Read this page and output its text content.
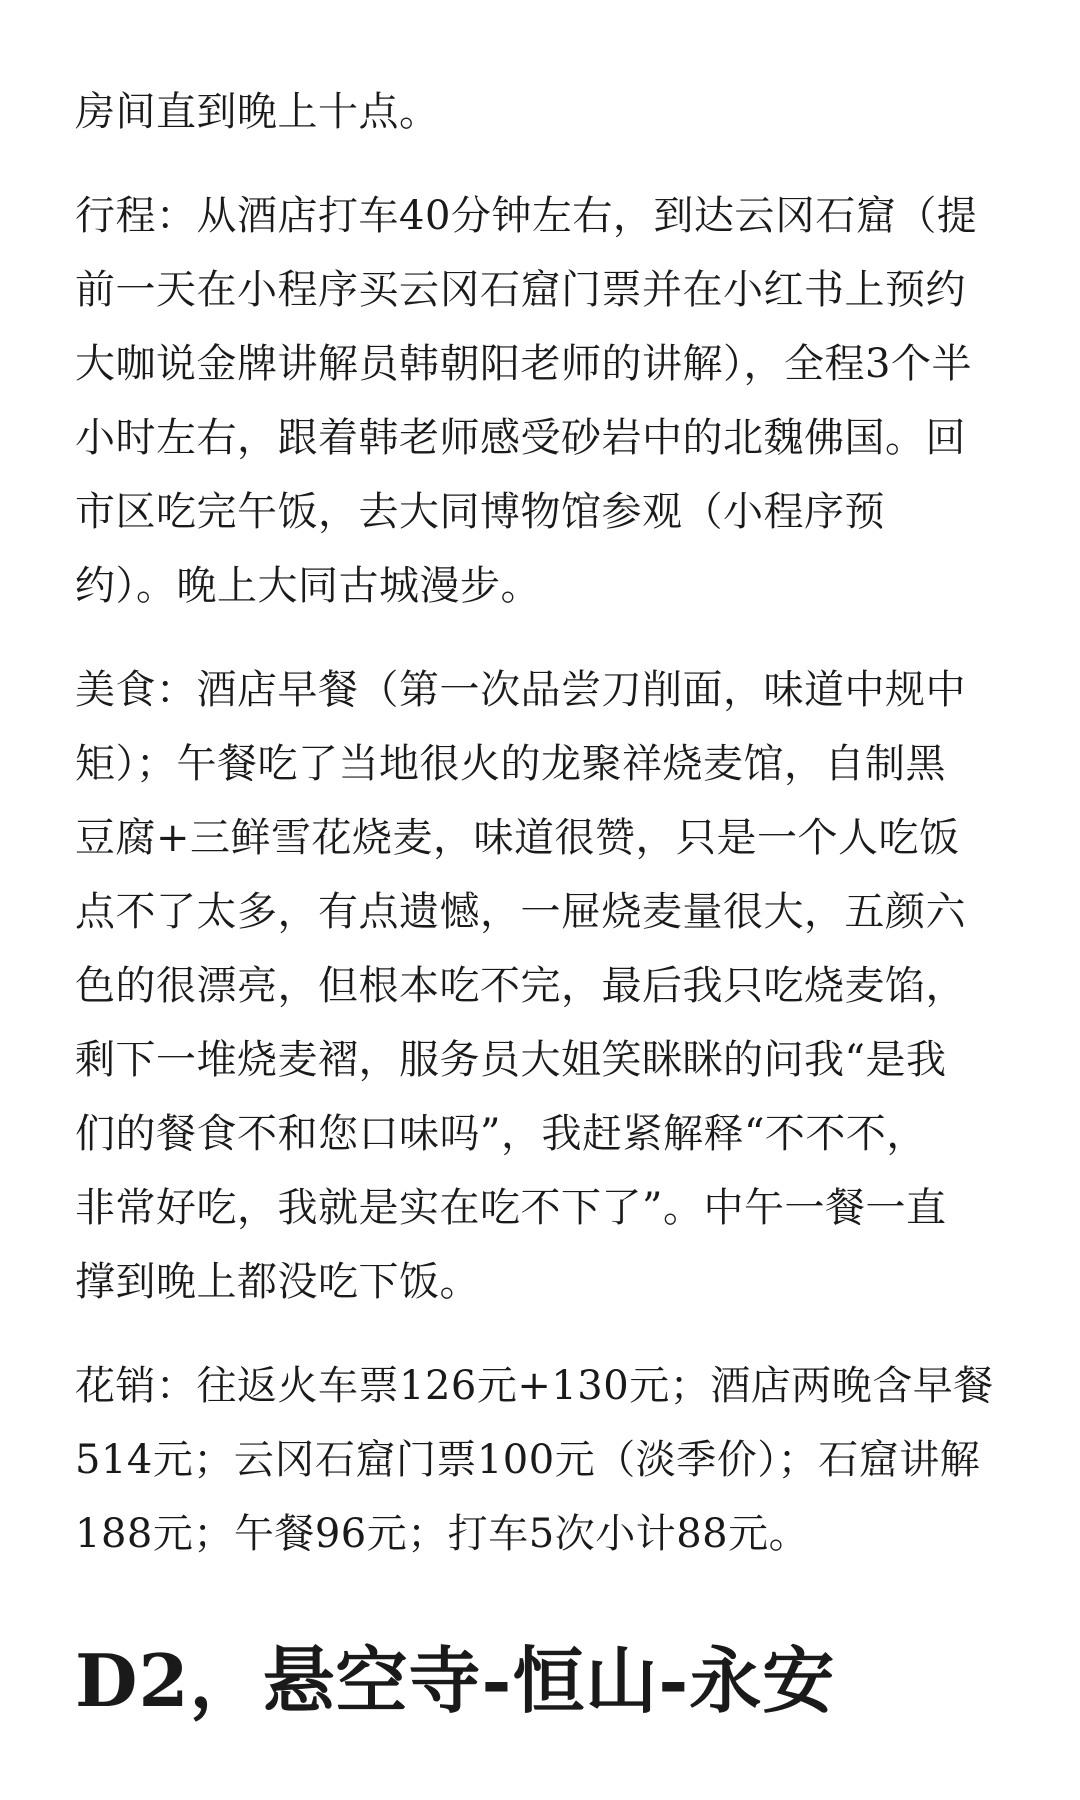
房间直到晚上十点。

行程：从酒店打车40分钟左右，到达云冈石窟（提
前一天在小程序买云冈石窟门票并在小红书上预约
大咖说金牌讲解员韩朝阳老师的讲解），全程3个半
小时左右，跟着韩老师感受砂岩中的北魏佛国。回
市区吃完午饭，去大同博物馆参观（小程序预
约）。晚上大同古城漫步。

美食：酒店早餐（第一次品尝刀削面，味道中规中
矩）；午餐吃了当地很火的龙聚祥烧麦馆，自制黑
豆腐+三鲜雪花烧麦，味道很赞，只是一个人吃饭
点不了太多，有点遗憾，一屉烧麦量很大，五颜六
色的很漂亮，但根本吃不完，最后我只吃烧麦馅，
剩下一堆烧麦褶，服务员大姐笑眯眯的问我“是我
们的餐食不和您口味吗”，我赶紧解释“不不不，
非常好吃，我就是实在吃不下了”。中午一餐一直
撑到晚上都没吃下饭。

花销：往返火车票126元+130元；酒店两晚含早餐
514元；云冈石窟门票100元（淡季价）；石窟讲解
188元；午餐96元；打车5次小计88元。

D2，悬空寺-恒山-永安
